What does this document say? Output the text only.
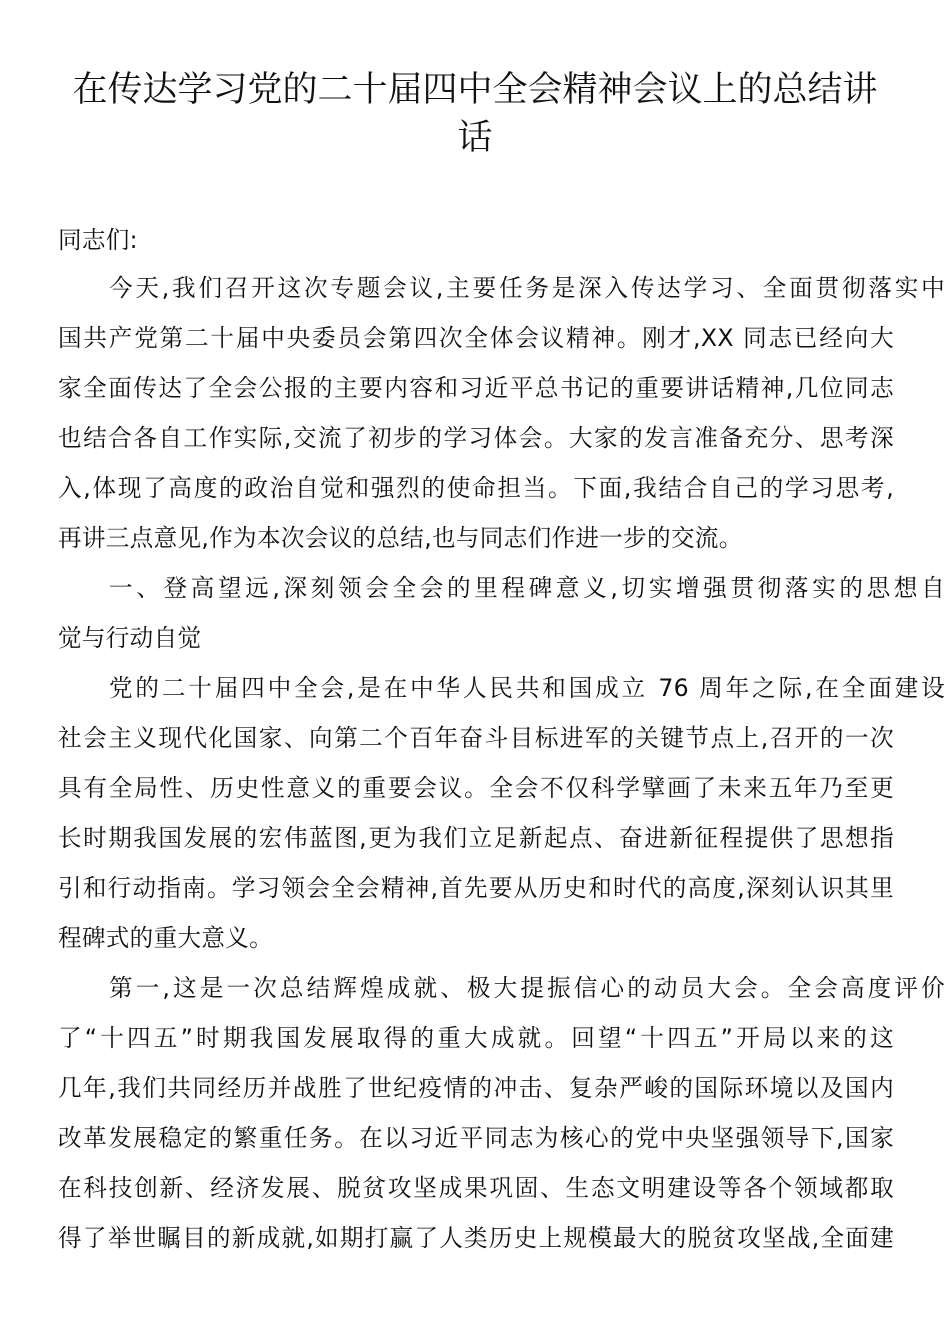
在传达学习党的二十届四中全会精神会议上的总结讲
话
同志们:
今天,我们召开这次专题会议,主要任务是深入传达学习、全面贯彻落实中
国共产党第二十届中央委员会第四次全体会议精神。刚才,XX 同志已经向大
家全面传达了全会公报的主要内容和习近平总书记的重要讲话精神,几位同志
也结合各自工作实际,交流了初步的学习体会。大家的发言准备充分、思考深
入,体现了高度的政治自觉和强烈的使命担当。下面,我结合自己的学习思考,
再讲三点意见,作为本次会议的总结,也与同志们作进一步的交流。
一、登高望远,深刻领会全会的里程碑意义,切实增强贯彻落实的思想自
觉与行动自觉
党的二十届四中全会,是在中华人民共和国成立 76 周年之际,在全面建设
社会主义现代化国家、向第二个百年奋斗目标进军的关键节点上,召开的一次
具有全局性、历史性意义的重要会议。全会不仅科学擘画了未来五年乃至更
长时期我国发展的宏伟蓝图,更为我们立足新起点、奋进新征程提供了思想指
引和行动指南。学习领会全会精神,首先要从历史和时代的高度,深刻认识其里
程碑式的重大意义。
第一,这是一次总结辉煌成就、极大提振信心的动员大会。全会高度评价
了“十四五”时期我国发展取得的重大成就。回望“十四五”开局以来的这
几年,我们共同经历并战胜了世纪疫情的冲击、复杂严峻的国际环境以及国内
改革发展稳定的繁重任务。在以习近平同志为核心的党中央坚强领导下,国家
在科技创新、经济发展、脱贫攻坚成果巩固、生态文明建设等各个领域都取
得了举世瞩目的新成就,如期打赢了人类历史上规模最大的脱贫攻坚战,全面建
